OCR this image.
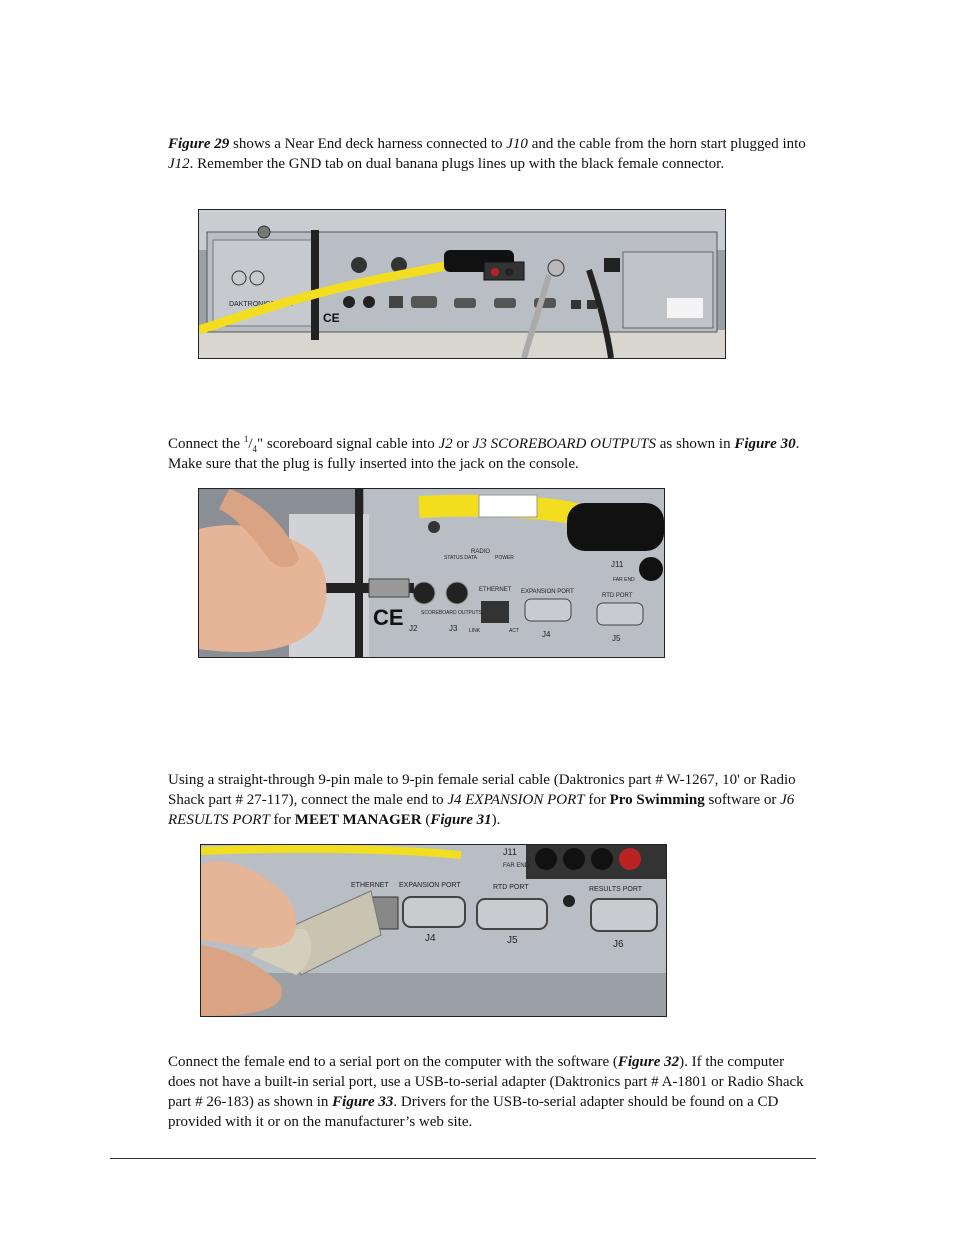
Figure 29 shows a Near End deck harness connected to J10 and the cable from the horn start plugged into J12. Remember the GND tab on dual banana plugs lines up with the black female connector.

DAKTRONICS, INC.
CE

Connect the $^1/_4$" scoreboard signal cable into J2 or J3 SCOREBOARD OUTPUTS as shown in Figure 30. Make sure that the plug is fully inserted into the jack on the console.

RADIO
STATUS DATA	POWER
ETHERNET
LINK	ACT
EXPANSION PORT
J4
RTD PORT
J5
J11
FAR END
SCOREBOARD OUTPUTS
J2	J3
CE

Using a straight-through 9-pin male to 9-pin female serial cable (Daktronics part # W-1267, 10' or Radio Shack part # 27-117), connect the male end to J4 EXPANSION PORT for Pro Swimming software or J6 RESULTS PORT for MEET MANAGER (Figure 31).

ETHERNET EXPANSION PORT
J4
RTD PORT
J5
RESULTS PORT
J6
J11
FAR END

Connect the female end to a serial port on the computer with the software (Figure 32). If the computer does not have a built-in serial port, use a USB-to-serial adapter (Daktronics part # A-1801 or Radio Shack part # 26-183) as shown in Figure 33. Drivers for the USB-to-serial adapter should be found on a CD provided with it or on the manufacturer’s web site.
